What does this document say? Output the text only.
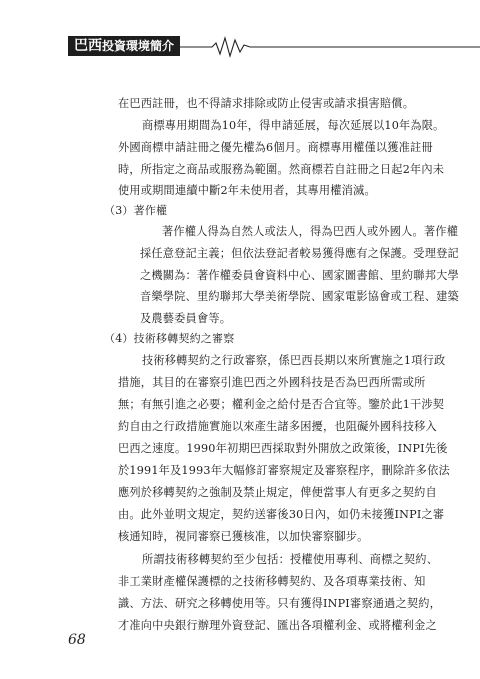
巴西投資環境簡介
在巴西註冊，也不得請求排除或防止侵害或請求損害賠償。
商標專用期間為10年，得申請延展，每次延展以10年為限。
外國商標申請註冊之優先權為6個月。商標專用權僅以獲准註冊
時，所指定之商品或服務為範圍。然商標若自註冊之日起2年內未
使用或期間連續中斷2年未使用者，其專用權消滅。
（3）著作權
著作權人得為自然人或法人，得為巴西人或外國人。著作權
採任意登記主義；但依法登記者較易獲得應有之保護。受理登記
之機關為：著作權委員會資料中心、國家圖書館、里約聯邦大學
音樂學院、里約聯邦大學美術學院、國家電影協會或工程、建築
及農藝委員會等。
（4）技術移轉契約之審察
技術移轉契約之行政審察，係巴西長期以來所實施之1項行政
措施，其目的在審察引進巴西之外國科技是否為巴西所需或所
無；有無引進之必要；權利金之給付是否合宜等。鑒於此1干涉契
約自由之行政措施實施以來產生諸多困擾，也阻礙外國科技移入
巴西之速度。1990年初期巴西採取對外開放之政策後，INPI先後
於1991年及1993年大幅修訂審察規定及審察程序，刪除許多依法
應列於移轉契約之強制及禁止規定，俾便當事人有更多之契約自
由。此外並明文規定，契約送審後30日內，如仍未接獲INPI之審
核通知時，視同審察已獲核准，以加快審察腳步。
所謂技術移轉契約至少包括：授權使用專利、商標之契約、
非工業財產權保護標的之技術移轉契約、及各項專業技術、知
識、方法、研究之移轉使用等。只有獲得INPI審察通過之契約，
才准向中央銀行辦理外資登記、匯出各項權利金、或將權利金之
68
